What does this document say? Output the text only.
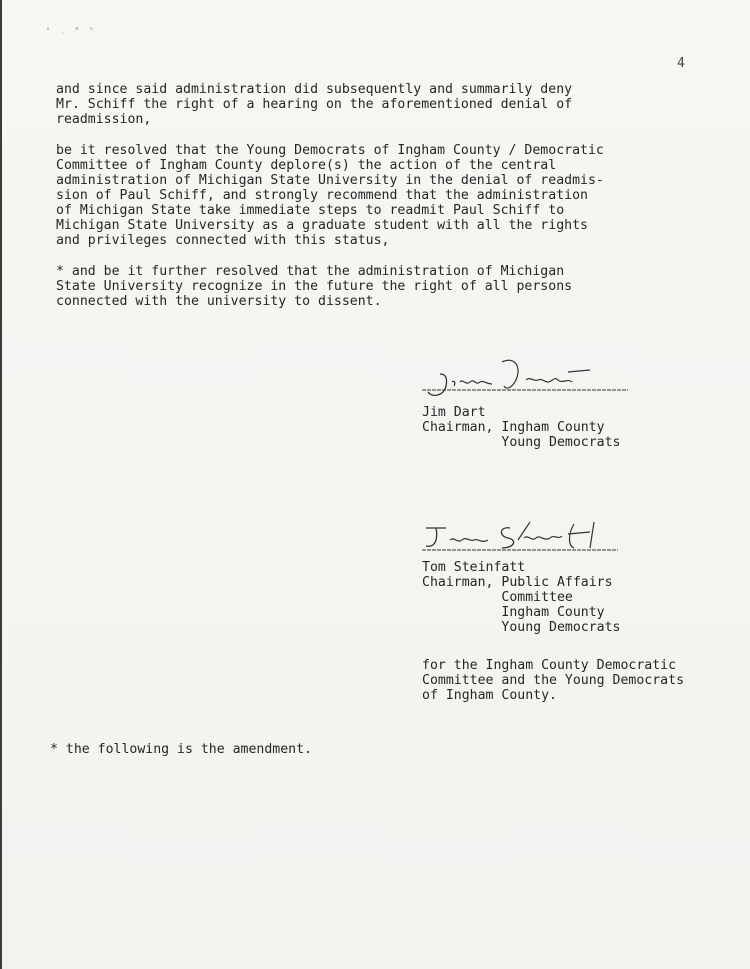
ᵉ ˎ ᵐ ᵒ
4

and since said administration did subsequently and summarily deny
Mr. Schiff the right of a hearing on the aforementioned denial of
readmission,

be it resolved that the Young Democrats of Ingham County / Democratic
Committee of Ingham County deplore(s) the action of the central
administration of Michigan State University in the denial of readmis-
sion of Paul Schiff, and strongly recommend that the administration
of Michigan State take immediate steps to readmit Paul Schiff to
Michigan State University as a graduate student with all the rights
and privileges connected with this status,

* and be it further resolved that the administration of Michigan
State University recognize in the future the right of all persons
connected with the university to dissent.

Jim Dart
Chairman, Ingham County
Young Democrats

Tom Steinfatt
Chairman, Public Affairs
Committee
Ingham County
Young Democrats

for the Ingham County Democratic
Committee and the Young Democrats
of Ingham County.

* the following is the amendment.
